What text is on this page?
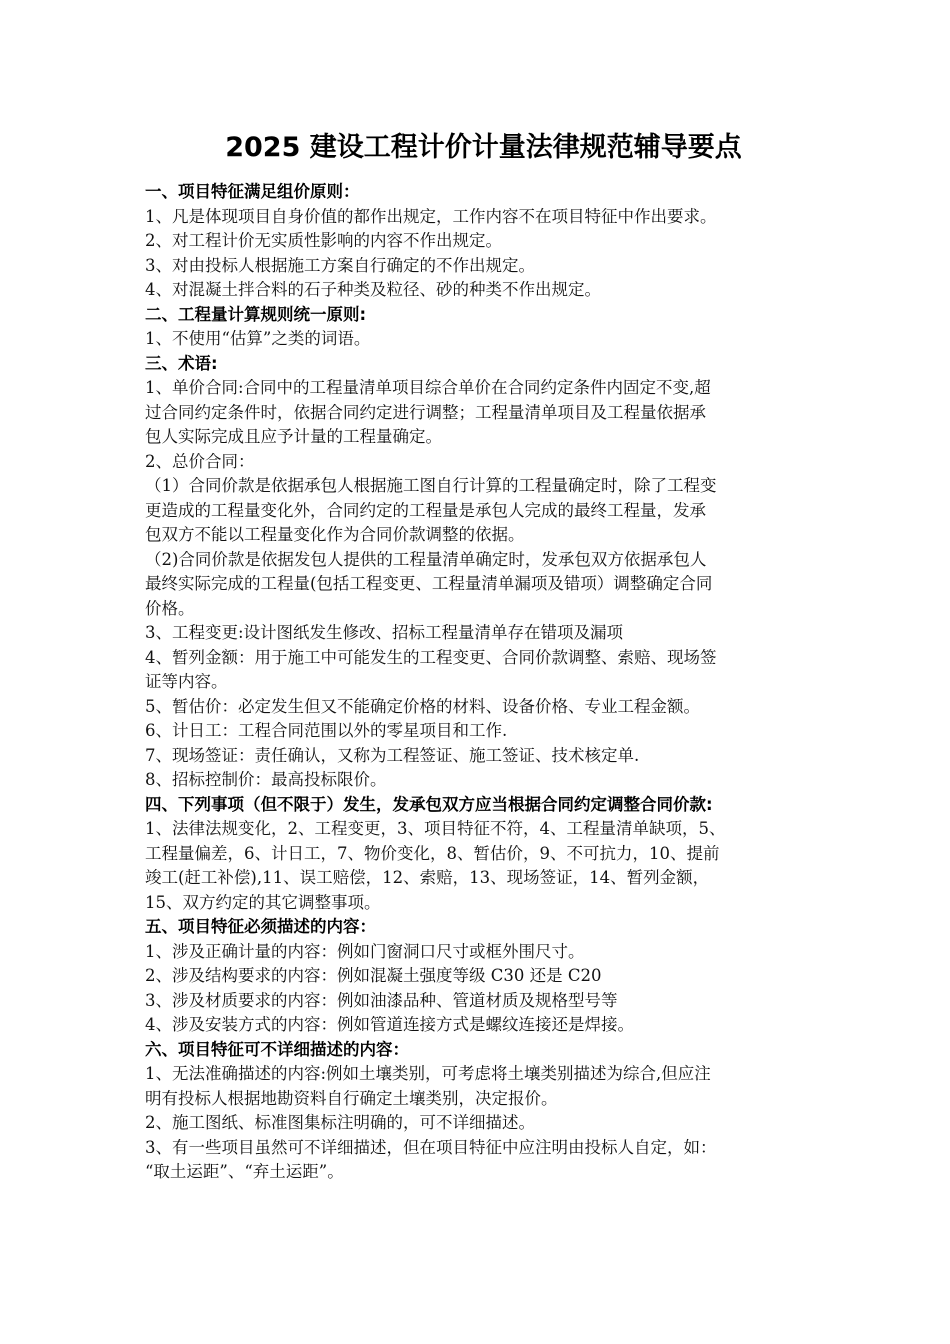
2025 建设工程计价计量法律规范辅导要点

一、项目特征满足组价原则：

1、凡是体现项目自身价值的都作出规定，工作内容不在项目特征中作出要求。

2、对工程计价无实质性影响的内容不作出规定。

3、对由投标人根据施工方案自行确定的不作出规定。

4、对混凝土拌合料的石子种类及粒径、砂的种类不作出规定。

二、工程量计算规则统一原则:

1、不使用“估算”之类的词语。

三、术语:

1、单价合同:合同中的工程量清单项目综合单价在合同约定条件内固定不变,超

过合同约定条件时，依据合同约定进行调整；工程量清单项目及工程量依据承

包人实际完成且应予计量的工程量确定。

2、总价合同：

（1）合同价款是依据承包人根据施工图自行计算的工程量确定时，除了工程变

更造成的工程量变化外，合同约定的工程量是承包人完成的最终工程量，发承

包双方不能以工程量变化作为合同价款调整的依据。

（2)合同价款是依据发包人提供的工程量清单确定时，发承包双方依据承包人

最终实际完成的工程量(包括工程变更、工程量清单漏项及错项）调整确定合同

价格。

3、工程变更:设计图纸发生修改、招标工程量清单存在错项及漏项

4、暂列金额：用于施工中可能发生的工程变更、合同价款调整、索赔、现场签

证等内容。

5、暂估价：必定发生但又不能确定价格的材料、设备价格、专业工程金额。

6、计日工：工程合同范围以外的零星项目和工作.

7、现场签证：责任确认，又称为工程签证、施工签证、技术核定单.

8、招标控制价：最高投标限价。

四、下列事项（但不限于）发生，发承包双方应当根据合同约定调整合同价款:

1、法律法规变化，2、工程变更，3、项目特征不符，4、工程量清单缺项，5、

工程量偏差，6、计日工，7、物价变化，8、暂估价，9、不可抗力，10、提前

竣工(赶工补偿),11、误工赔偿，12、索赔，13、现场签证，14、暂列金额，

15、双方约定的其它调整事项。

五、项目特征必须描述的内容：

1、涉及正确计量的内容：例如门窗洞口尺寸或框外围尺寸。

2、涉及结构要求的内容：例如混凝土强度等级 C30 还是 C20

3、涉及材质要求的内容：例如油漆品种、管道材质及规格型号等

4、涉及安装方式的内容：例如管道连接方式是螺纹连接还是焊接。

六、项目特征可不详细描述的内容：

1、无法准确描述的内容:例如土壤类别，可考虑将土壤类别描述为综合,但应注

明有投标人根据地勘资料自行确定土壤类别，决定报价。

2、施工图纸、标准图集标注明确的，可不详细描述。

3、有一些项目虽然可不详细描述，但在项目特征中应注明由投标人自定，如：

“取土运距”、“弃土运距”。
